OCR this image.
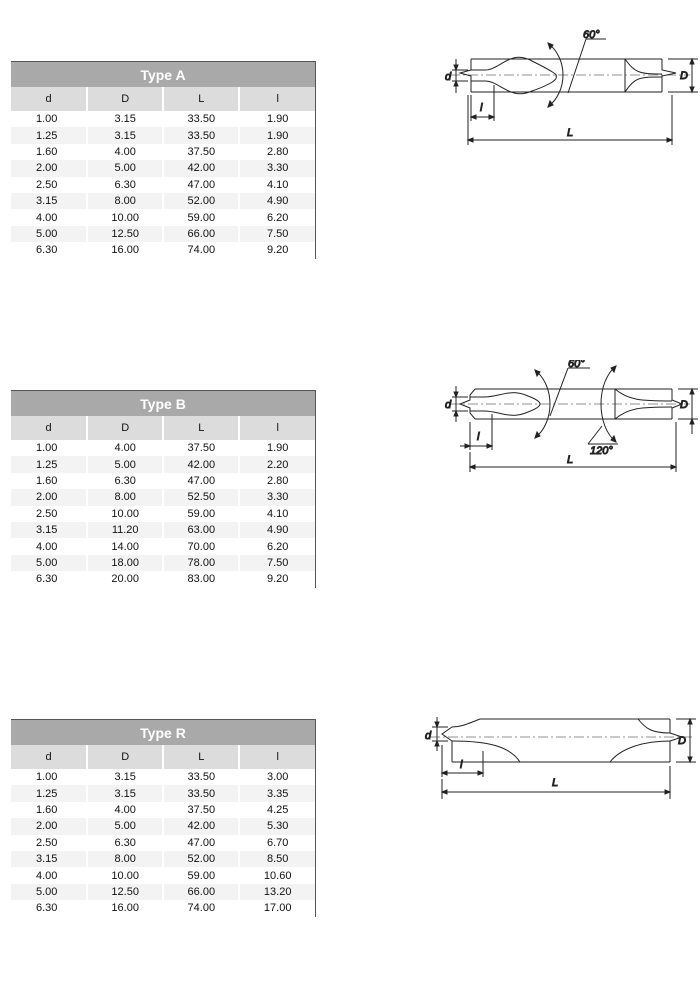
Type A			
d	D	L	l
1.00	3.15	33.50	1.90
1.25	3.15	33.50	1.90
1.60	4.00	37.50	2.80
2.00	5.00	42.00	3.30
2.50	6.30	47.00	4.10
3.15	8.00	52.00	4.90
4.00	10.00	59.00	6.20
5.00	12.50	66.00	7.50
6.30	16.00	74.00	9.20
60°
d	D
l
L
Type B			
d	D	L	l
1.00	4.00	37.50	1.90
1.25	5.00	42.00	2.20
1.60	6.30	47.00	2.80
2.00	8.00	52.50	3.30
2.50	10.00	59.00	4.10
3.15	11.20	63.00	4.90
4.00	14.00	70.00	6.20
5.00	18.00	78.00	7.50
6.30	20.00	83.00	9.20
60°
120°
d	D
l
L
Type R			
d	D	L	l
1.00	3.15	33.50	3.00
1.25	3.15	33.50	3.35
1.60	4.00	37.50	4.25
2.00	5.00	42.00	5.30
2.50	6.30	47.00	6.70
3.15	8.00	52.00	8.50
4.00	10.00	59.00	10.60
5.00	12.50	66.00	13.20
6.30	16.00	74.00	17.00
d	D
l
L
